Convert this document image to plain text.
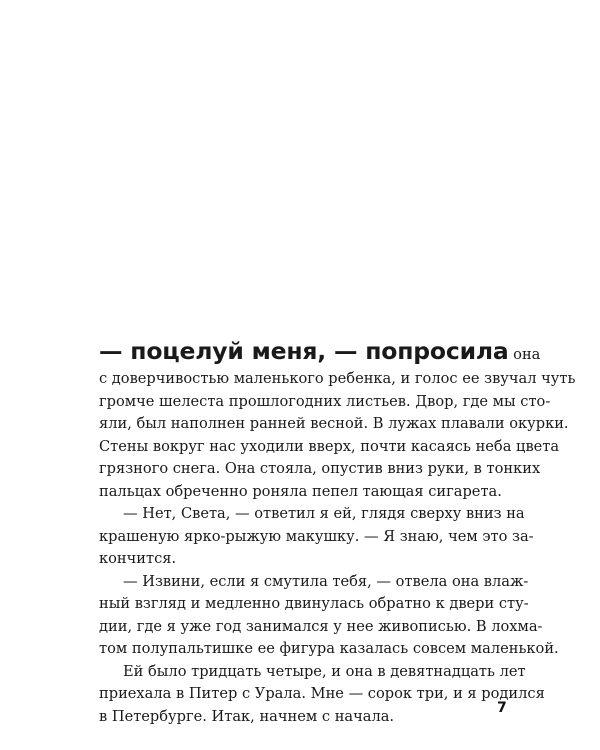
— поцелуй меня, — попросила она
с доверчивостью маленького ребенка, и голос ее звучал чуть
громче шелеста прошлогодних листьев. Двор, где мы сто-
яли, был наполнен ранней весной. В лужах плавали окурки.
Стены вокруг нас уходили вверх, почти касаясь неба цвета
грязного снега. Она стояла, опустив вниз руки, в тонких
пальцах обреченно роняла пепел тающая сигарета.
— Нет, Света, — ответил я ей, глядя сверху вниз на
крашеную ярко-рыжую макушку. — Я знаю, чем это за-
кончится.
— Извини, если я смутила тебя, — отвела она влаж-
ный взгляд и медленно двинулась обратно к двери сту-
дии, где я уже год занимался у нее живописью. В лохма-
том полупальтишке ее фигура казалась совсем маленькой.
Ей было тридцать четыре, и она в девятнадцать лет
приехала в Питер с Урала. Мне — сорок три, и я родился
в Петербурге. Итак, начнем с начала.	7
